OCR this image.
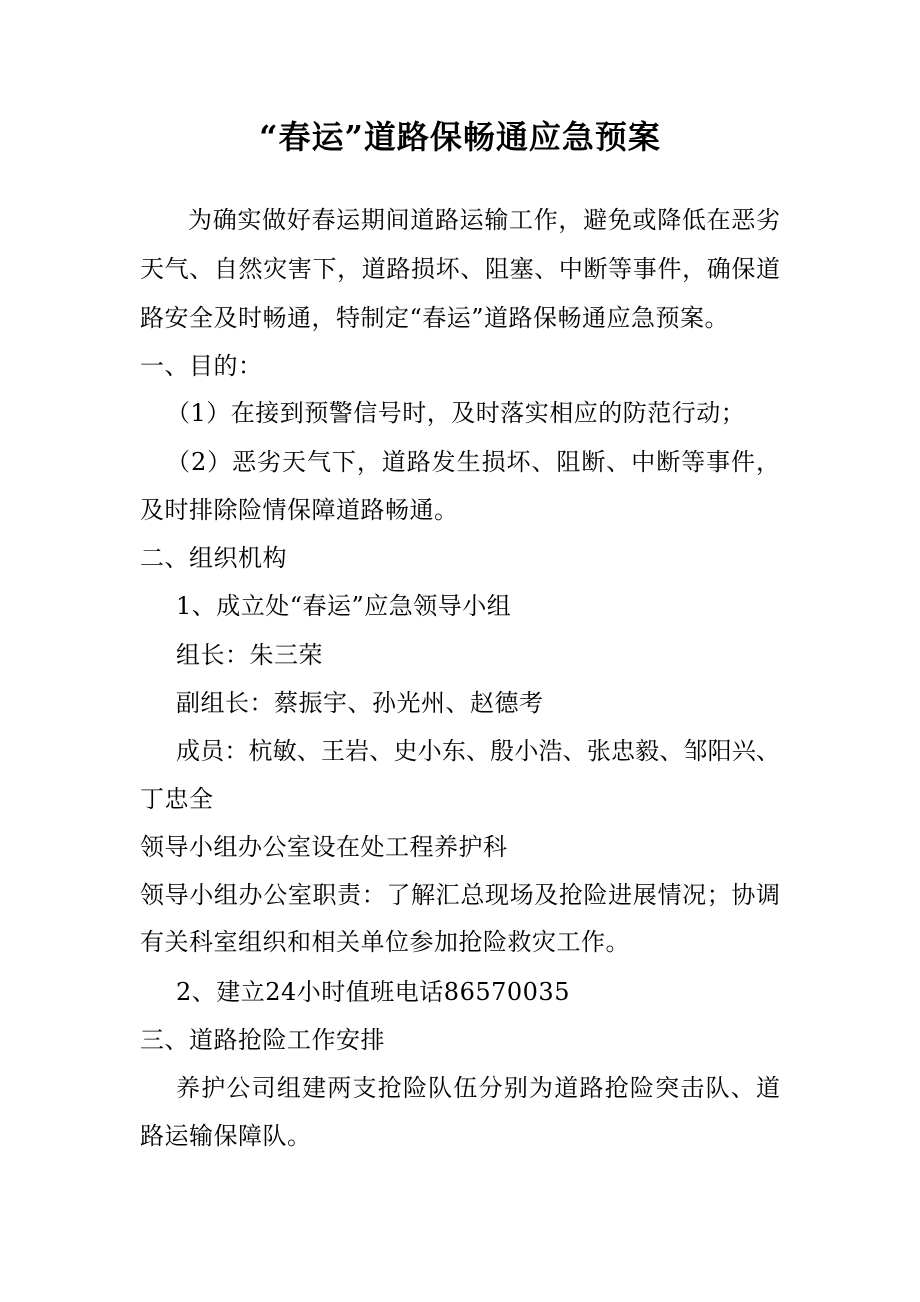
“春运”道路保畅通应急预案
为确实做好春运期间道路运输工作，避免或降低在恶劣
天气、自然灾害下，道路损坏、阻塞、中断等事件，确保道
路安全及时畅通，特制定“春运”道路保畅通应急预案。
一、目的：
（1）在接到预警信号时，及时落实相应的防范行动；
（2）恶劣天气下，道路发生损坏、阻断、中断等事件，
及时排除险情保障道路畅通。
二、组织机构
1、成立处“春运”应急领导小组
组长：朱三荣
副组长：蔡振宇、孙光州、赵德考
成员：杭敏、王岩、史小东、殷小浩、张忠毅、邹阳兴、
丁忠全
领导小组办公室设在处工程养护科
领导小组办公室职责：了解汇总现场及抢险进展情况；协调
有关科室组织和相关单位参加抢险救灾工作。
2、建立24小时值班电话86570035
三、道路抢险工作安排
养护公司组建两支抢险队伍分别为道路抢险突击队、道
路运输保障队。
